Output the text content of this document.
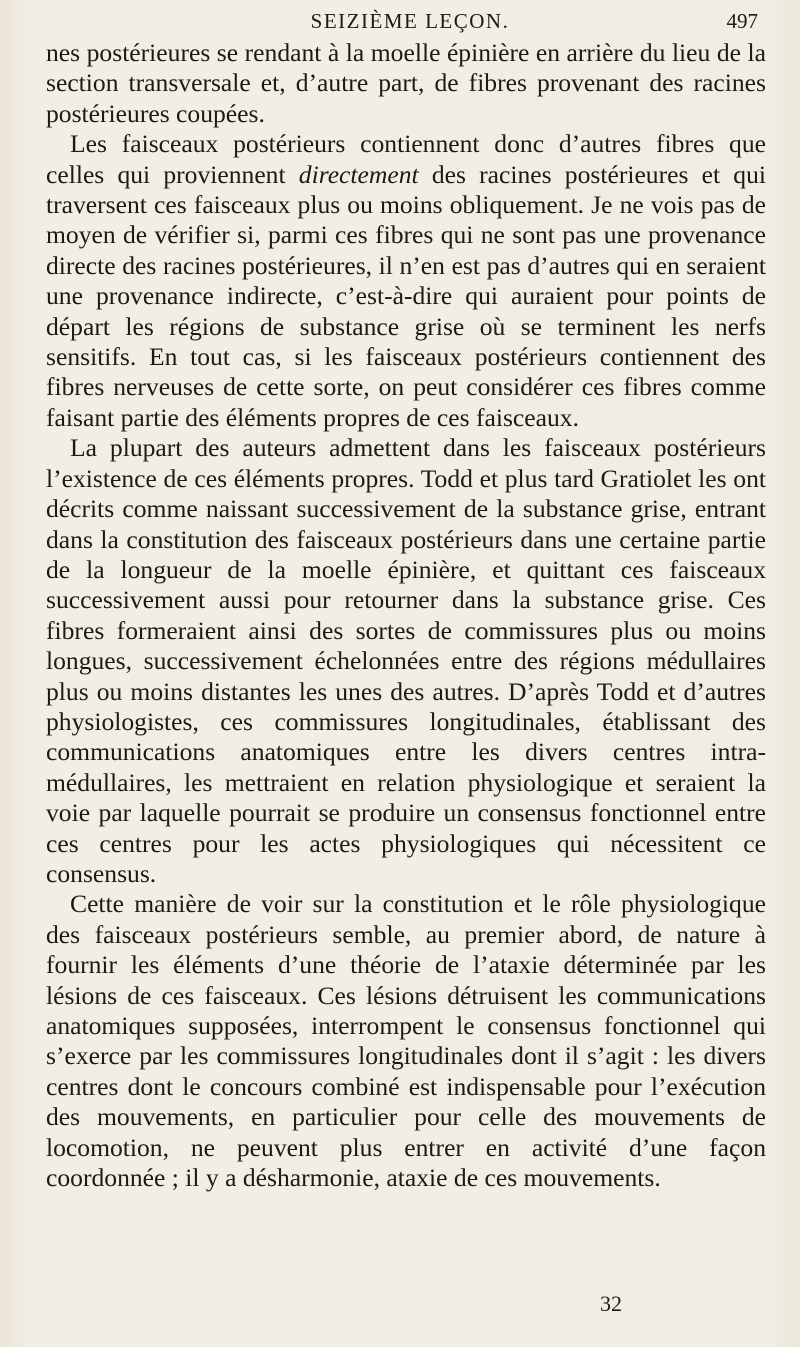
SEIZIÈME LEÇON.	497

nes postérieures se rendant à la moelle épinière en arrière du lieu de la section transversale et, d’autre part, de fibres provenant des racines postérieures coupées.

Les faisceaux postérieurs contiennent donc d’autres fibres que celles qui proviennent directement des racines postérieures et qui traversent ces faisceaux plus ou moins obliquement. Je ne vois pas de moyen de vérifier si, parmi ces fibres qui ne sont pas une provenance directe des racines postérieures, il n’en est pas d’autres qui en seraient une provenance indirecte, c’est-à-dire qui auraient pour points de départ les régions de substance grise où se terminent les nerfs sensitifs. En tout cas, si les faisceaux postérieurs contiennent des fibres nerveuses de cette sorte, on peut considérer ces fibres comme faisant partie des éléments propres de ces faisceaux.

La plupart des auteurs admettent dans les faisceaux postérieurs l’existence de ces éléments propres. Todd et plus tard Gratiolet les ont décrits comme naissant successivement de la substance grise, entrant dans la constitution des faisceaux postérieurs dans une certaine partie de la longueur de la moelle épinière, et quittant ces faisceaux successivement aussi pour retourner dans la substance grise. Ces fibres formeraient ainsi des sortes de commissures plus ou moins longues, successivement échelonnées entre des régions médullaires plus ou moins distantes les unes des autres. D’après Todd et d’autres physiologistes, ces commissures longitudinales, établissant des communications anatomiques entre les divers centres intra-médullaires, les mettraient en relation physiologique et seraient la voie par laquelle pourrait se produire un consensus fonctionnel entre ces centres pour les actes physiologiques qui nécessitent ce consensus.

Cette manière de voir sur la constitution et le rôle physiologique des faisceaux postérieurs semble, au premier abord, de nature à fournir les éléments d’une théorie de l’ataxie déterminée par les lésions de ces faisceaux. Ces lésions détruisent les communications anatomiques supposées, interrompent le consensus fonctionnel qui s’exerce par les commissures longitudinales dont il s’agit : les divers centres dont le concours combiné est indispensable pour l’exécution des mouvements, en particulier pour celle des mouvements de locomotion, ne peuvent plus entrer en activité d’une façon coordonnée ; il y a désharmonie, ataxie de ces mouvements.

32
